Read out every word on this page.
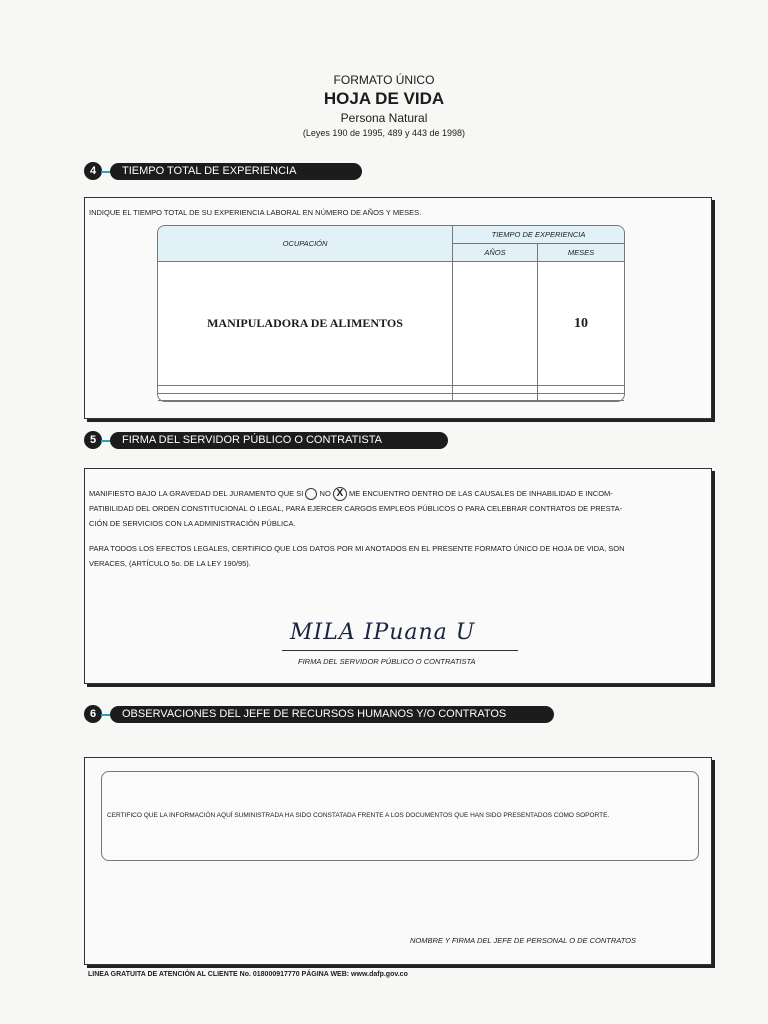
FORMATO ÚNICO
HOJA DE VIDA
Persona Natural
(Leyes 190 de 1995, 489 y 443 de 1998)
4	TIEMPO TOTAL DE EXPERIENCIA
INDIQUE EL TIEMPO TOTAL DE SU EXPERIENCIA LABORAL EN NÚMERO DE AÑOS Y MESES.
OCUPACIÓN	TIEMPO DE EXPERIENCIA	
	AÑOS	MESES
MANIPULADORA DE ALIMENTOS		10

5	FIRMA DEL SERVIDOR PÚBLICO O CONTRATISTA
MANIFIESTO BAJO LA GRAVEDAD DEL JURAMENTO QUE SI NO X ME ENCUENTRO DENTRO DE LAS CAUSALES DE INHABILIDAD E INCOM-
PATIBILIDAD DEL ORDEN CONSTITUCIONAL O LEGAL, PARA EJERCER CARGOS EMPLEOS PÚBLICOS O PARA CELEBRAR CONTRATOS DE PRESTA-
CIÓN DE SERVICIOS CON LA ADMINISTRACIÓN PÚBLICA.
PARA TODOS LOS EFECTOS LEGALES, CERTIFICO QUE LOS DATOS POR MI ANOTADOS EN EL PRESENTE FORMATO ÚNICO DE HOJA DE VIDA, SON
VERACES, (ARTÍCULO 5o. DE LA LEY 190/95).
MILA IPuana U
FIRMA DEL SERVIDOR PÚBLICO O CONTRATISTA
6	OBSERVACIONES DEL JEFE DE RECURSOS HUMANOS Y/O CONTRATOS
CERTIFICO QUE LA INFORMACIÓN AQUÍ SUMINISTRADA HA SIDO CONSTATADA FRENTE A LOS DOCUMENTOS QUE HAN SIDO PRESENTADOS COMO SOPORTE.
NOMBRE Y FIRMA DEL JEFE DE PERSONAL O DE CONTRATOS
LINEA GRATUITA DE ATENCIÓN AL CLIENTE No. 018000917770 PÁGINA WEB: www.dafp.gov.co
